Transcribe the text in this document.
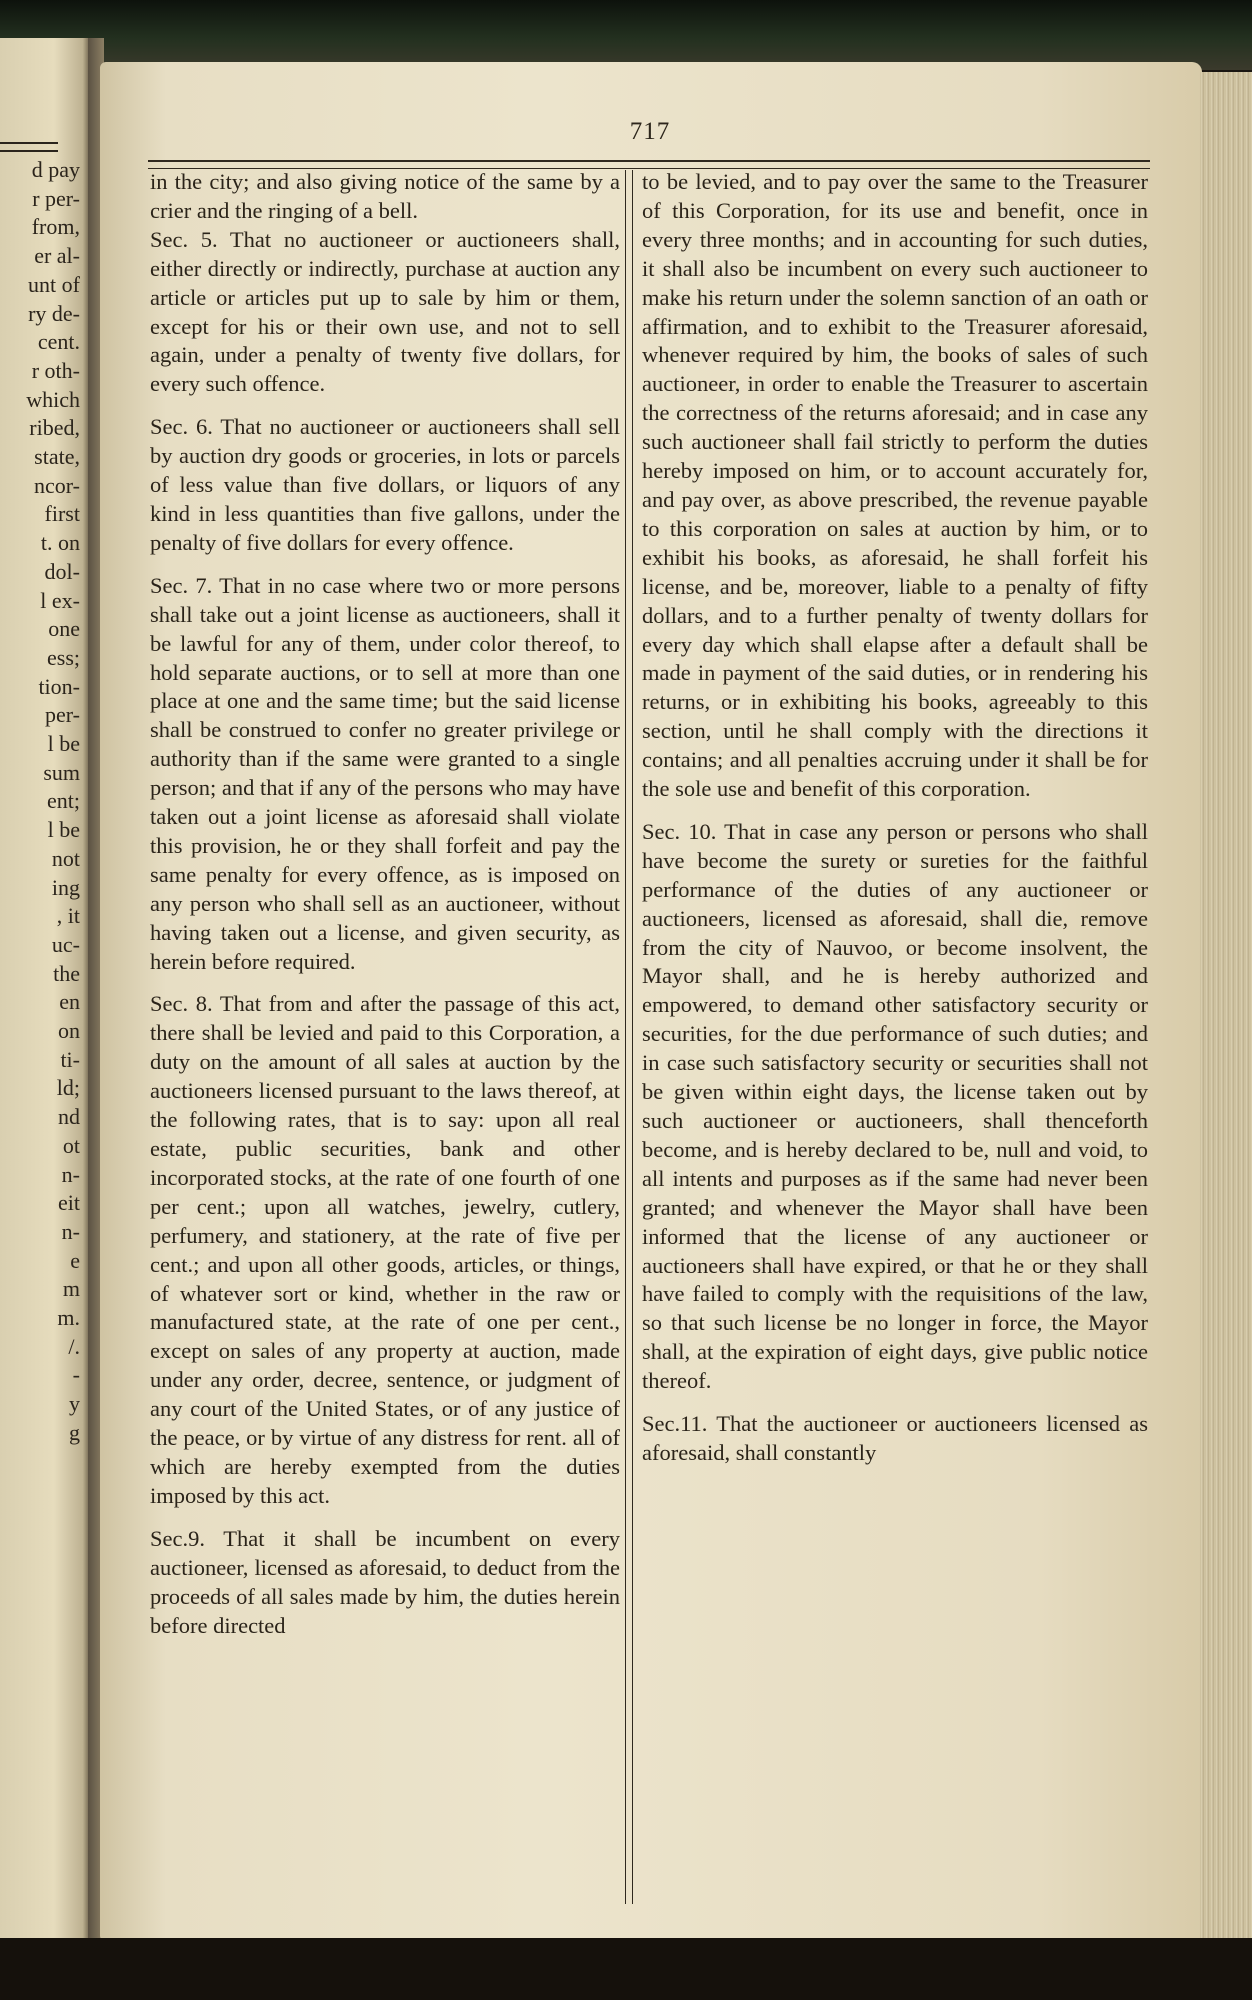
d pay
r per-
from,
er al-
unt of
ry de-
cent.
r oth-
which
ribed,
state,
ncor-
first
t. on
dol-
l ex-
one
ess;
tion-
per-
l be
sum
ent;
l be
not
ing
, it
uc-
the
en
on
ti-
ld;
nd
ot
n-
eit
n-
e
m
m.
/.
-
y
g
717

in the city; and also giving notice of the same by a crier and the ringing of a bell.

Sec. 5. That no auctioneer or auctioneers shall, either directly or indirectly, purchase at auction any article or articles put up to sale by him or them, except for his or their own use, and not to sell again, under a penalty of twenty five dollars, for every such offence.

Sec. 6. That no auctioneer or auctioneers shall sell by auction dry goods or groceries, in lots or parcels of less value than five dollars, or liquors of any kind in less quantities than five gallons, under the penalty of five dollars for every offence.

Sec. 7. That in no case where two or more persons shall take out a joint license as auctioneers, shall it be lawful for any of them, under color thereof, to hold separate auctions, or to sell at more than one place at one and the same time; but the said license shall be construed to confer no greater privilege or authority than if the same were granted to a single person; and that if any of the persons who may have taken out a joint license as aforesaid shall violate this provision, he or they shall forfeit and pay the same penalty for every offence, as is imposed on any person who shall sell as an auctioneer, without having taken out a license, and given security, as herein before required.

Sec. 8. That from and after the passage of this act, there shall be levied and paid to this Corporation, a duty on the amount of all sales at auction by the auctioneers licensed pursuant to the laws thereof, at the following rates, that is to say: upon all real estate, public securities, bank and other incorporated stocks, at the rate of one fourth of one per cent.; upon all watches, jewelry, cutlery, perfumery, and stationery, at the rate of five per cent.; and upon all other goods, articles, or things, of whatever sort or kind, whether in the raw or manufactured state, at the rate of one per cent., except on sales of any property at auction, made under any order, decree, sentence, or judgment of any court of the United States, or of any justice of the peace, or by virtue of any distress for rent. all of which are hereby exempted from the duties imposed by this act.

Sec.9. That it shall be incumbent on every auctioneer, licensed as aforesaid, to deduct from the proceeds of all sales made by him, the duties herein before directed

to be levied, and to pay over the same to the Treasurer of this Corporation, for its use and benefit, once in every three months; and in accounting for such duties, it shall also be incumbent on every such auctioneer to make his return under the solemn sanction of an oath or affirmation, and to exhibit to the Treasurer aforesaid, whenever required by him, the books of sales of such auctioneer, in order to enable the Treasurer to ascertain the correctness of the returns aforesaid; and in case any such auctioneer shall fail strictly to perform the duties hereby imposed on him, or to account accurately for, and pay over, as above prescribed, the revenue payable to this corporation on sales at auction by him, or to exhibit his books, as aforesaid, he shall forfeit his license, and be, moreover, liable to a penalty of fifty dollars, and to a further penalty of twenty dollars for every day which shall elapse after a default shall be made in payment of the said duties, or in rendering his returns, or in exhibiting his books, agreeably to this section, until he shall comply with the directions it contains; and all penalties accruing under it shall be for the sole use and benefit of this corporation.

Sec. 10. That in case any person or persons who shall have become the surety or sureties for the faithful performance of the duties of any auctioneer or auctioneers, licensed as aforesaid, shall die, remove from the city of Nauvoo, or become insolvent, the Mayor shall, and he is hereby authorized and empowered, to demand other satisfactory security or securities, for the due performance of such duties; and in case such satisfactory security or securities shall not be given within eight days, the license taken out by such auctioneer or auctioneers, shall thenceforth become, and is hereby declared to be, null and void, to all intents and purposes as if the same had never been granted; and whenever the Mayor shall have been informed that the license of any auctioneer or auctioneers shall have expired, or that he or they shall have failed to comply with the requisitions of the law, so that such license be no longer in force, the Mayor shall, at the expiration of eight days, give public notice thereof.

Sec.11. That the auctioneer or auctioneers licensed as aforesaid, shall constantly
